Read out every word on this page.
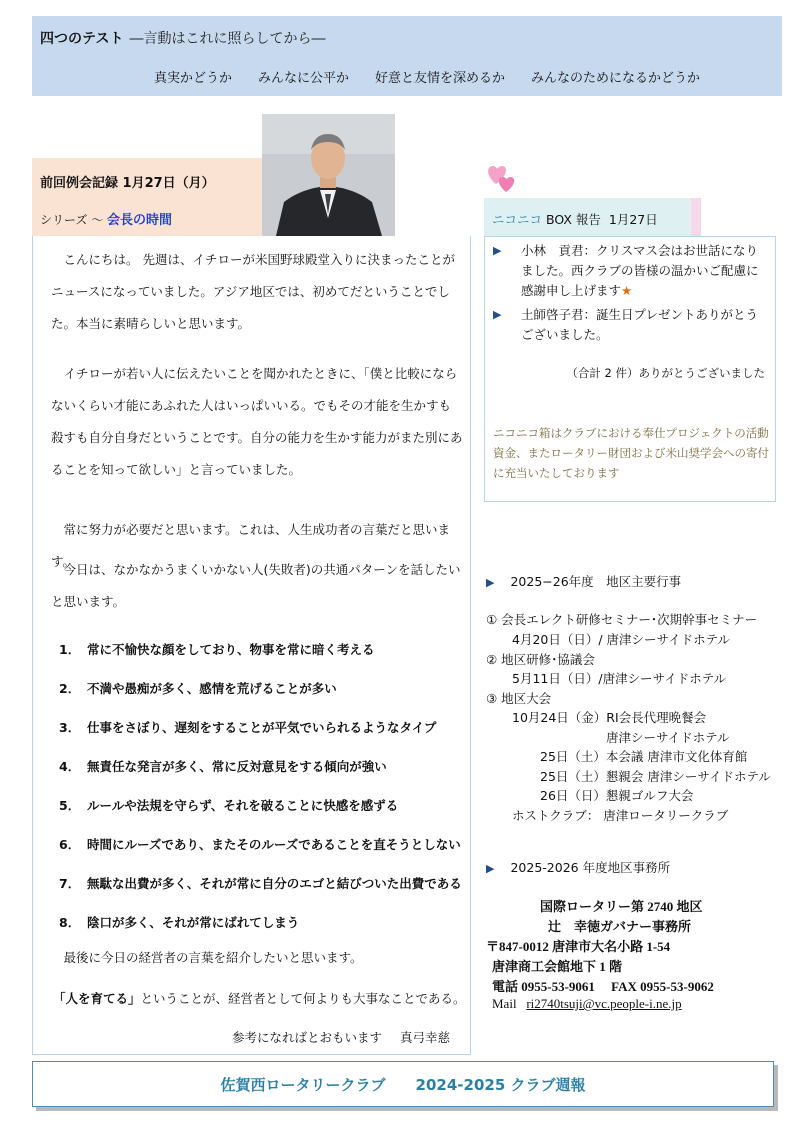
四つのテスト ―言動はこれに照らしてから―
真実かどうか みんなに公平か 好意と友情を深めるか みんなのためになるかどうか
前回例会記録 1月27日（月）
シリーズ ～ 会長の時間

こんにちは。 先週は、イチローが米国野球殿堂入りに決まったことがニュースになっていました。アジア地区では、初めてだということでした。本当に素晴らしいと思います。

イチローが若い人に伝えたいことを聞かれたときに、「僕と比較にならないくらい才能にあふれた人はいっぱいいる。でもその才能を生かすも殺すも自分自身だということです。自分の能力を生かす能力がまた別にあることを知って欲しい」と言っていました。

常に努力が必要だと思います。これは、人生成功者の言葉だと思います。

今日は、なかなかうまくいかない人(失敗者)の共通パターンを話したいと思います。

1． 常に不愉快な顔をしており、物事を常に暗く考える
2． 不満や愚痴が多く、感情を荒げることが多い
3． 仕事をさぼり、遅刻をすることが平気でいられるようなタイプ
4． 無責任な発言が多く、常に反対意見をする傾向が強い
5． ルールや法規を守らず、それを破ることに快感を感ずる
6． 時間にルーズであり、またそのルーズであることを直そうとしない
7． 無駄な出費が多く、それが常に自分のエゴと結びついた出費である
8． 陰口が多く、それが常にばれてしまう

最後に今日の経営者の言葉を紹介したいと思います。

「人を育てる」ということが、経営者として何よりも大事なことである。
参考になればとおもいます 真弓幸慈
ニコニコ BOX 報告 1月27日
▶ 小林　貢君：クリスマス会はお世話になりました。西クラブの皆様の温かいご配慮に感謝申し上げます★
▶ 土師啓子君：誕生日プレゼントありがとうございました。
（合計 2 件）ありがとうございました
ニコニコ箱はクラブにおける奉仕プロジェクトの活動資金、またロータリー財団および米山奨学会への寄付に充当いたしております
▶ 2025−26年度　地区主要行事
① 会長エレクト研修セミナー･次期幹事セミナー
4月20日（日）/ 唐津シーサイドホテル
② 地区研修･協議会
5月11日（日）/唐津シーサイドホテル
③ 地区大会
10月24日（金）RI会長代理晩餐会
唐津シーサイドホテル
25日（土）本会議 唐津市文化体育館
25日（土）懇親会 唐津シーサイドホテル
26日（日）懇親ゴルフ大会
ホストクラブ： 唐津ロータリークラブ
▶ 2025-2026 年度地区事務所
国際ロータリー第 2740 地区
辻　幸徳ガバナー事務所
〒847-0012 唐津市大名小路 1-54
唐津商工会館地下 1 階
電話 0955-53-9061　 FAX 0955-53-9062
Mail ri2740tsuji@vc.people-i.ne.jp
佐賀西ロータリークラブ 2024-2025 クラブ週報
